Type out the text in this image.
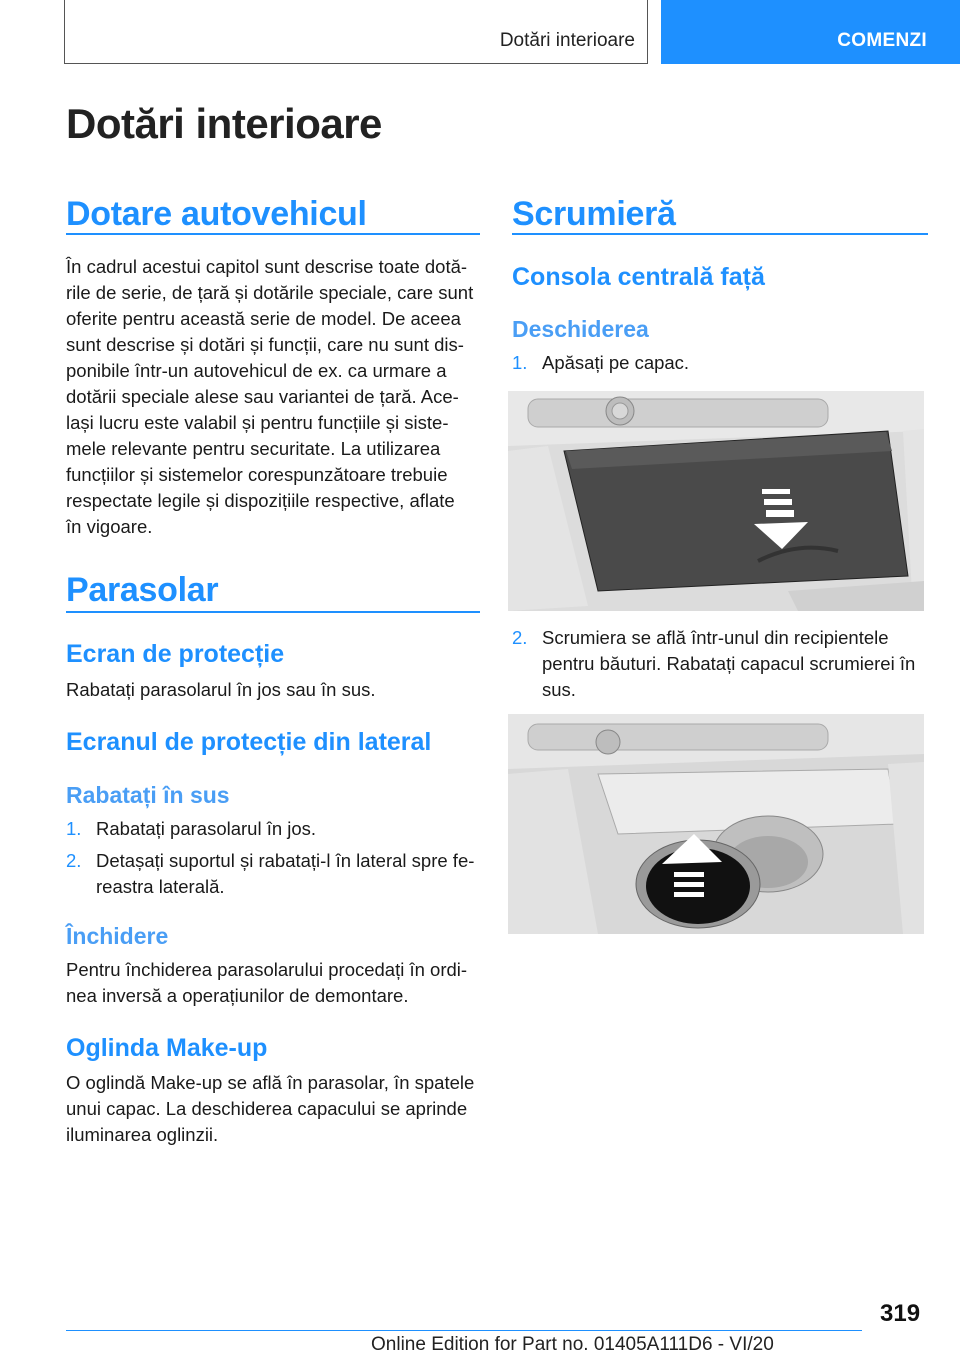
Dotări interioare	COMENZI
Dotări interioare
Dotare autovehicul
În cadrul acestui capitol sunt descrise toate dotă‐
rile de serie, de țară și dotările speciale, care sunt
oferite pentru această serie de model. De aceea
sunt descrise și dotări și funcții, care nu sunt dis‐
ponibile într-un autovehicul de ex. ca urmare a
dotării speciale alese sau variantei de țară. Ace‐
lași lucru este valabil și pentru funcțiile și siste‐
mele relevante pentru securitate. La utilizarea
funcțiilor și sistemelor corespunzătoare trebuie
respectate legile și dispozițiile respective, aflate
în vigoare.
Parasolar
Ecran de protecție
Rabatați parasolarul în jos sau în sus.
Ecranul de protecție din lateral
Rabatați în sus
1. Rabatați parasolarul în jos.
2. Detașați suportul și rabatați-l în lateral spre fe‐
reastra laterală.
Închidere
Pentru închiderea parasolarului procedați în ordi‐
nea inversă a operațiunilor de demontare.
Oglinda Make-up
O oglindă Make-up se află în parasolar, în spatele
unui capac. La deschiderea capacului se aprinde
iluminarea oglinzii.
Scrumieră
Consola centrală față
Deschiderea
1. Apăsați pe capac.
2. Scrumiera se află într-unul din recipientele
pentru băuturi. Rabatați capacul scrumierei în
sus.
319
Online Edition for Part no. 01405A111D6 - VI/20
